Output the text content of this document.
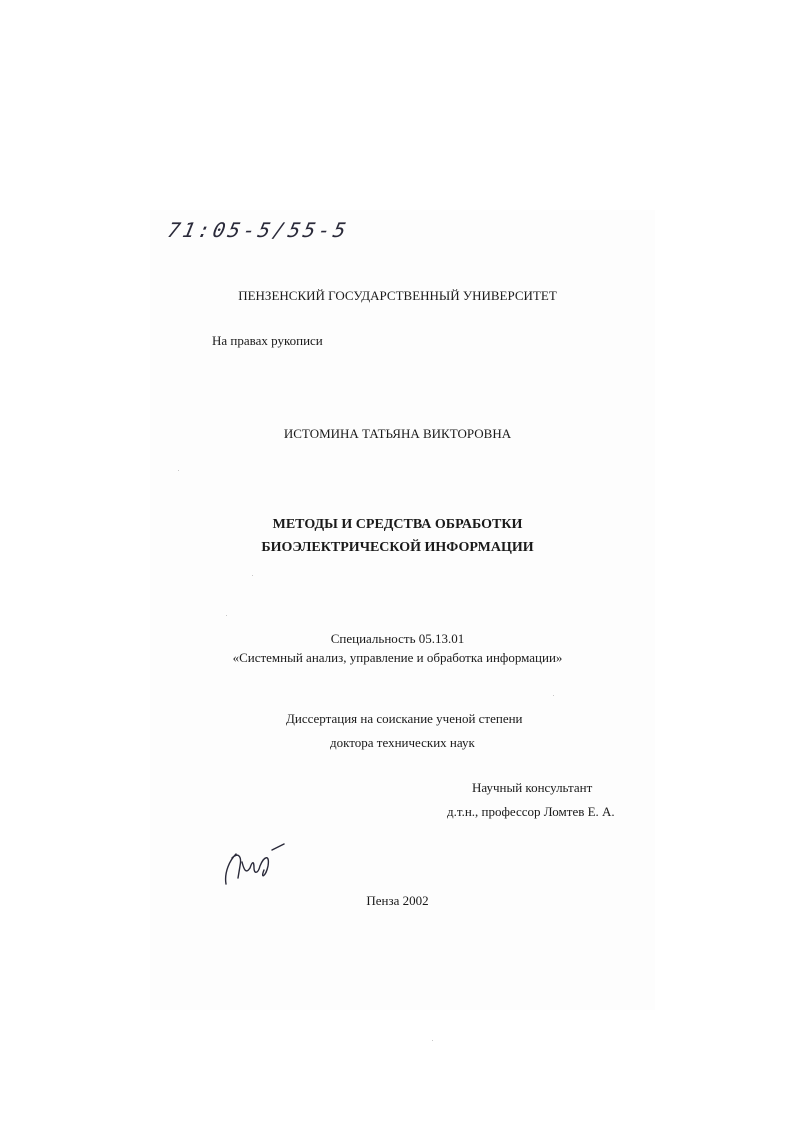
71:05-5/55-5

ПЕНЗЕНСКИЙ ГОСУДАРСТВЕННЫЙ УНИВЕРСИТЕТ

На правах рукописи

ИСТОМИНА ТАТЬЯНА ВИКТОРОВНА

МЕТОДЫ И СРЕДСТВА ОБРАБОТКИ

БИОЭЛЕКТРИЧЕСКОЙ ИНФОРМАЦИИ

Специальность 05.13.01

«Системный анализ, управление и обработка информации»

Диссертация на соискание ученой степени

доктора технических наук

Научный консультант

д.т.н., профессор Ломтев Е. А.

Пенза 2002
